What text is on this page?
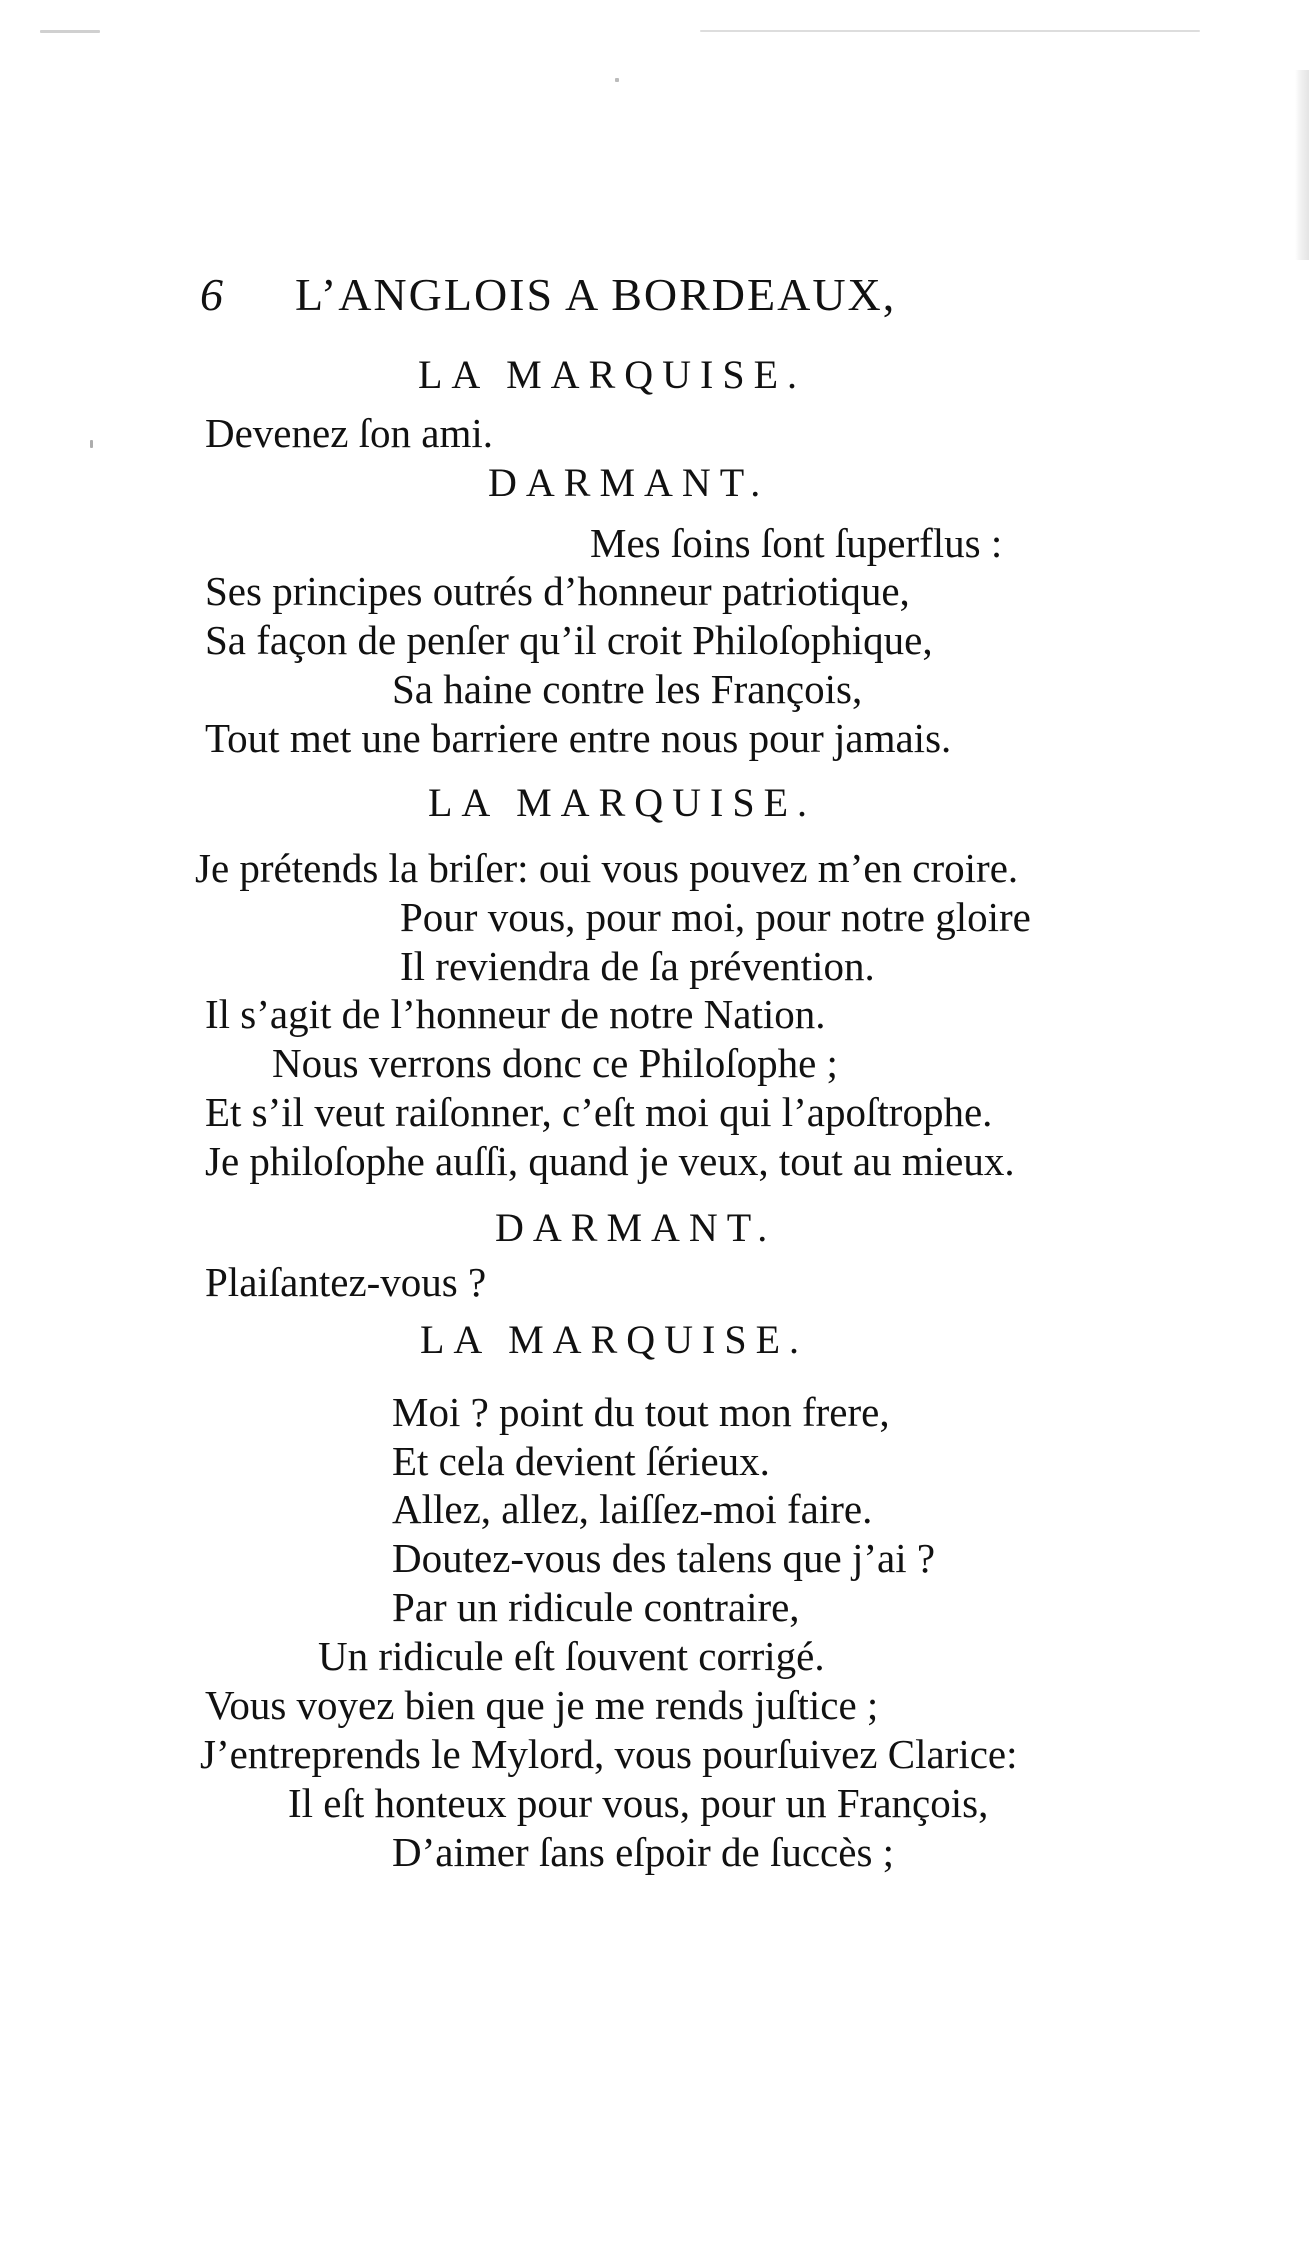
6 L’ANGLOIS A BORDEAUX,
LA MARQUISE.
Devenez ſon ami.
DARMANT.
Mes ſoins ſont ſuperflus :
Ses principes outrés d’honneur patriotique,
Sa façon de penſer qu’il croit Philoſophique,
Sa haine contre les François,
Tout met une barriere entre nous pour jamais.
LA MARQUISE.
Je prétends la briſer: oui vous pouvez m’en croire.
Pour vous, pour moi, pour notre gloire
Il reviendra de ſa prévention.
Il s’agit de l’honneur de notre Nation.
Nous verrons donc ce Philoſophe ;
Et s’il veut raiſonner, c’eſt moi qui l’apoſtrophe.
Je philoſophe auſſi, quand je veux, tout au mieux.
DARMANT.
Plaiſantez-vous ?
LA MARQUISE.
Moi ? point du tout mon frere,
Et cela devient ſérieux.
Allez, allez, laiſſez-moi faire.
Doutez-vous des talens que j’ai ?
Par un ridicule contraire,
Un ridicule eſt ſouvent corrigé.
Vous voyez bien que je me rends juſtice ;
J’entreprends le Mylord, vous pourſuivez Clarice:
Il eſt honteux pour vous, pour un François,
D’aimer ſans eſpoir de ſuccès ;
